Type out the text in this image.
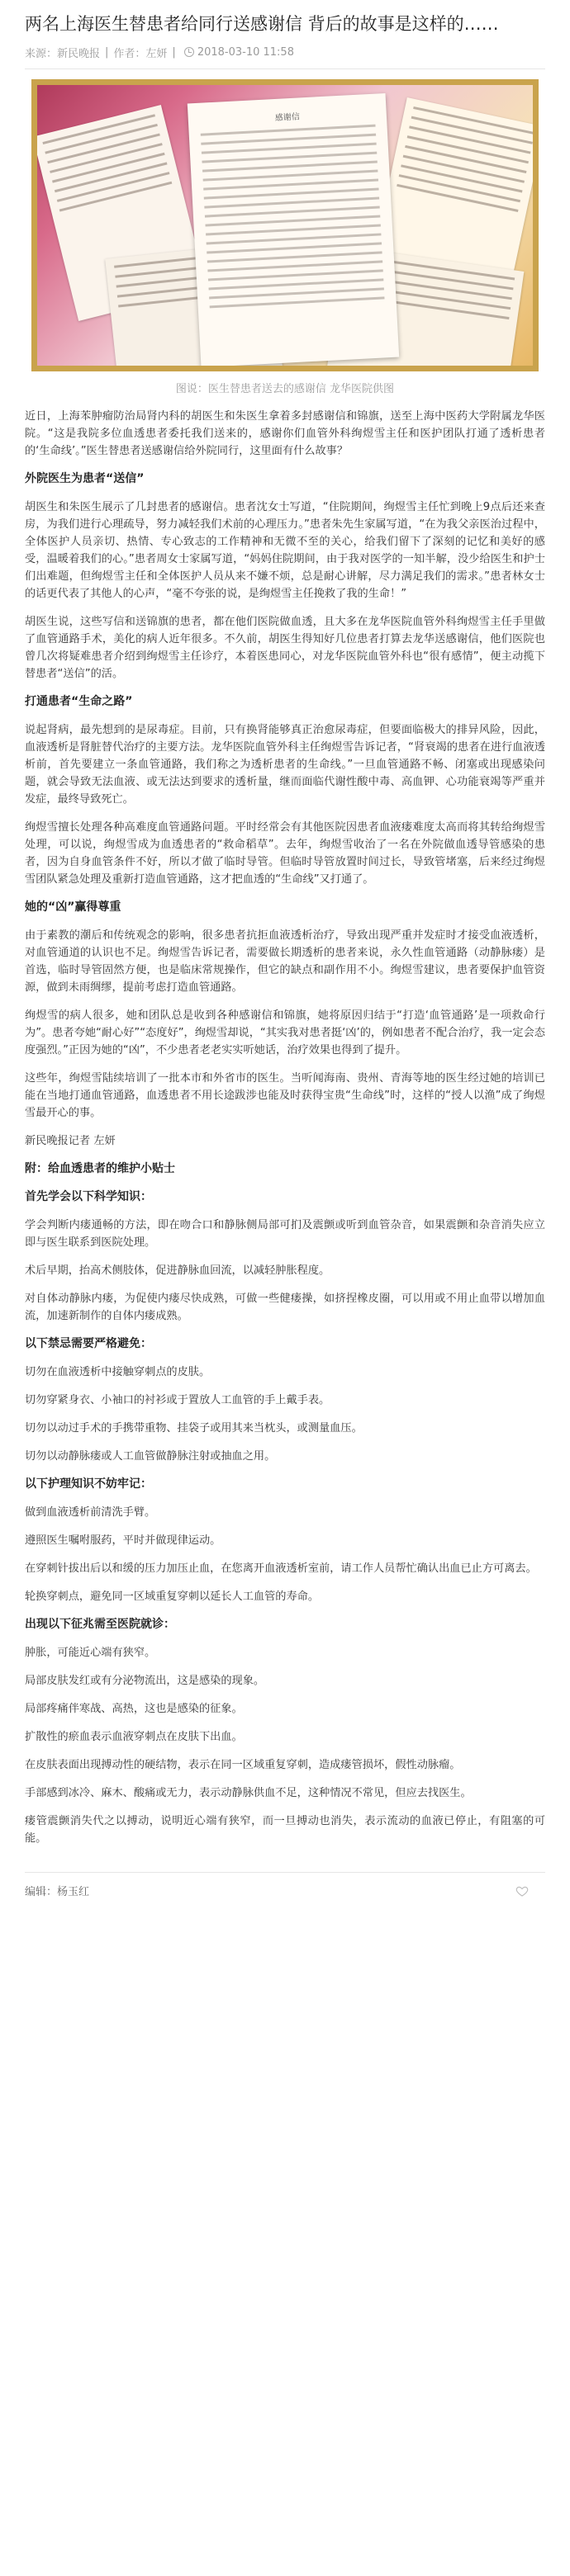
两名上海医生替患者给同行送感谢信 背后的故事是这样的……
来源：新民晚报 | 作者：左妍 | 2018-03-10 11:58
感谢信
图说：医生替患者送去的感谢信 龙华医院供图
近日，上海苯肿瘤防治局肾内科的胡医生和朱医生拿着多封感谢信和锦旗，送至上海中医药大学附属龙华医院。“这是我院多位血透患者委托我们送来的，感谢你们血管外科绚煜雪主任和医护团队打通了透析患者的‘生命线’。”医生替患者送感谢信给外院同行，这里面有什么故事？
外院医生为患者“送信”
胡医生和朱医生展示了几封患者的感谢信。患者沈女士写道，“住院期间，绚煜雪主任忙到晚上9点后还来查房，为我们进行心理疏导，努力减轻我们术前的心理压力。”患者朱先生家属写道，“在为我父亲医治过程中，全体医护人员亲切、热情、专心致志的工作精神和无微不至的关心，给我们留下了深刻的记忆和美好的感受，温暖着我们的心。”患者周女士家属写道，“妈妈住院期间，由于我对医学的一知半解，没少给医生和护士们出难题，但绚煜雪主任和全体医护人员从来不嫌不烦，总是耐心讲解，尽力满足我们的需求。”患者林女士的话更代表了其他人的心声，“毫不夸张的说，是绚煜雪主任挽救了我的生命！”
胡医生说，这些写信和送锦旗的患者，都在他们医院做血透，且大多在龙华医院血管外科绚煜雪主任手里做了血管通路手术，美化的病人近年很多。不久前，胡医生得知好几位患者打算去龙华送感谢信，他们医院也曾几次将疑难患者介绍到绚煜雪主任诊疗，本着医患同心，对龙华医院血管外科也“很有感情”，便主动揽下替患者“送信”的活。
打通患者“生命之路”
说起肾病，最先想到的是尿毒症。目前，只有换肾能够真正治愈尿毒症，但要面临极大的排异风险，因此，血液透析是肾脏替代治疗的主要方法。龙华医院血管外科主任绚煜雪告诉记者，“肾衰竭的患者在进行血液透析前，首先要建立一条血管通路，我们称之为透析患者的生命线。”一旦血管通路不畅、闭塞或出现感染问题，就会导致无法血液、或无法达到要求的透析量，继而面临代谢性酸中毒、高血钾、心功能衰竭等严重并发症，最终导致死亡。
绚煜雪擅长处理各种高难度血管通路问题。平时经常会有其他医院因患者血液瘘难度太高而将其转给绚煜雪处理，可以说，绚煜雪成为血透患者的“救命稻草”。去年，绚煜雪收治了一名在外院做血透导管感染的患者，因为自身血管条件不好，所以才做了临时导管。但临时导管放置时间过长，导致管堵塞，后来经过绚煜雪团队紧急处理及重新打造血管通路，这才把血透的“生命线”又打通了。
她的“凶”赢得尊重
由于素教的潮后和传统观念的影响，很多患者抗拒血液透析治疗，导致出现严重并发症时才接受血液透析，对血管通道的认识也不足。绚煜雪告诉记者，需要做长期透析的患者来说，永久性血管通路（动静脉瘘）是首选，临时导管固然方便，也是临床常规操作，但它的缺点和副作用不小。绚煜雪建议，患者要保护血管资源，做到未雨绸缪，提前考虑打造血管通路。
绚煜雪的病人很多，她和团队总是收到各种感谢信和锦旗，她将原因归结于“打造‘血管通路’是一项救命行为”。患者夸她“耐心好”“态度好”，绚煜雪却说，“其实我对患者挺‘凶’的，例如患者不配合治疗，我一定会态度强烈。”正因为她的“凶”，不少患者老老实实听她话，治疗效果也得到了提升。
这些年，绚煜雪陆续培训了一批本市和外省市的医生。当听闻海南、贵州、青海等地的医生经过她的培训已能在当地打通血管通路，血透患者不用长途跋涉也能及时获得宝贵“生命线”时，这样的“授人以渔”成了绚煜雪最开心的事。
新民晚报记者 左妍
附：给血透患者的维护小贴士
首先学会以下科学知识：
学会判断内瘘通畅的方法，即在吻合口和静脉侧局部可扪及震颤或听到血管杂音，如果震颤和杂音消失应立即与医生联系到医院处理。
术后早期，抬高术侧肢体，促进静脉血回流，以减轻肿胀程度。
对自体动静脉内瘘，为促使内瘘尽快成熟，可做一些健瘘操，如挤捏橡皮圈，可以用或不用止血带以增加血流，加速新制作的自体内瘘成熟。
以下禁忌需要严格避免：
切勿在血液透析中接触穿刺点的皮肤。
切勿穿紧身衣、小袖口的衬衫或于置放人工血管的手上戴手表。
切勿以动过手术的手携带重物、挂袋子或用其来当枕头，或测量血压。
切勿以动静脉瘘或人工血管做静脉注射或抽血之用。
以下护理知识不妨牢记：
做到血液透析前清洗手臂。
遵照医生嘱咐服药，平时并做现律运动。
在穿刺针拔出后以和缓的压力加压止血，在您离开血液透析室前，请工作人员帮忙确认出血已止方可离去。
轮换穿刺点，避免同一区域重复穿刺以延长人工血管的寿命。
出现以下征兆需至医院就诊：
肿胀，可能近心端有狭窄。
局部皮肤发红或有分泌物流出，这是感染的现象。
局部疼痛伴寒战、高热，这也是感染的征象。
扩散性的瘀血表示血液穿刺点在皮肤下出血。
在皮肤表面出现搏动性的硬结物，表示在同一区域重复穿刺，造成瘘管损坏，假性动脉瘤。
手部感到冰冷、麻木、酸痛或无力，表示动静脉供血不足，这种情况不常见，但应去找医生。
瘘管震颤消失代之以搏动，说明近心端有狭窄，而一旦搏动也消失，表示流动的血液已停止，有阻塞的可能。
编辑：杨玉红
